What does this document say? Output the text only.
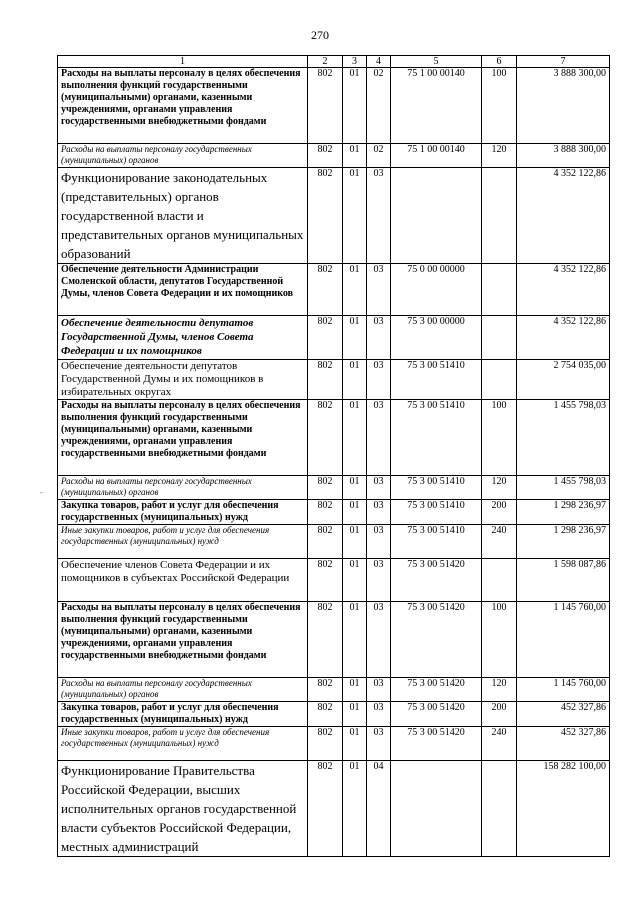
270
1	2	3	4	5	6	7
Расходы на выплаты персоналу в целях обеспечения выполнения функций государственными (муниципальными) органами, казенными учреждениями, органами управления государственными внебюджетными фондами	802	01	02	75 1 00 00140	100	3 888 300,00
Расходы на выплаты персоналу государственных (муниципальных) органов	802	01	02	75 1 00 00140	120	3 888 300,00
Функционирование законодательных (представительных) органов государственной власти и представительных органов муниципальных образований	802	01	03			4 352 122,86
Обеспечение деятельности Администрации Смоленской области, депутатов Государственной Думы, членов Совета Федерации и их помощников	802	01	03	75 0 00 00000		4 352 122,86
Обеспечение деятельности депутатов Государственной Думы, членов Совета Федерации и их помощников	802	01	03	75 3 00 00000		4 352 122,86
Обеспечение деятельности депутатов Государственной Думы и их помощников в избирательных округах	802	01	03	75 3 00 51410		2 754 035,00
Расходы на выплаты персоналу в целях обеспечения выполнения функций государственными (муниципальными) органами, казенными учреждениями, органами управления государственными внебюджетными фондами	802	01	03	75 3 00 51410	100	1 455 798,03
Расходы на выплаты персоналу государственных (муниципальных) органов	802	01	03	75 3 00 51410	120	1 455 798,03
Закупка товаров, работ и услуг для обеспечения государственных (муниципальных) нужд	802	01	03	75 3 00 51410	200	1 298 236,97
Иные закупки товаров, работ и услуг для обеспечения государственных (муниципальных) нужд	802	01	03	75 3 00 51410	240	1 298 236,97
Обеспечение членов Совета Федерации и их помощников в субъектах Российской Федерации	802	01	03	75 3 00 51420		1 598 087,86
Расходы на выплаты персоналу в целях обеспечения выполнения функций государственными (муниципальными) органами, казенными учреждениями, органами управления государственными внебюджетными фондами	802	01	03	75 3 00 51420	100	1 145 760,00
Расходы на выплаты персоналу государственных (муниципальных) органов	802	01	03	75 3 00 51420	120	1 145 760,00
Закупка товаров, работ и услуг для обеспечения государственных (муниципальных) нужд	802	01	03	75 3 00 51420	200	452 327,86
Иные закупки товаров, работ и услуг для обеспечения государственных (муниципальных) нужд	802	01	03	75 3 00 51420	240	452 327,86
Функционирование Правительства Российской Федерации, высших исполнительных органов государственной власти субъектов Российской Федерации, местных администраций	802	01	04			158 282 100,00
-
